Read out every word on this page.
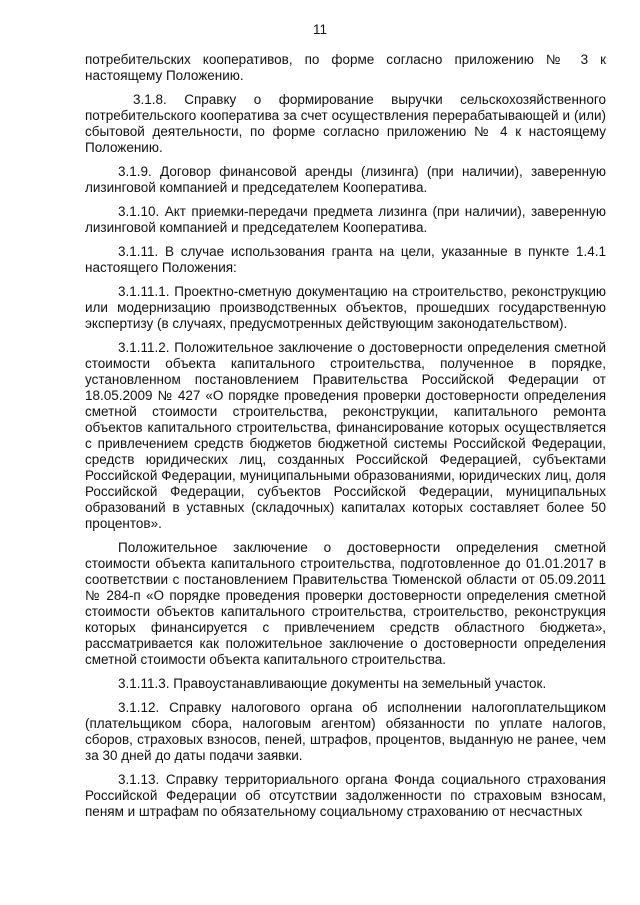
11

потребительских кооперативов, по форме согласно приложению № 3 к настоящему Положению.

3.1.8. Справку о формирование выручки сельскохозяйственного потребительского кооператива за счет осуществления перерабатывающей и (или) сбытовой деятельности, по форме согласно приложению № 4 к настоящему Положению.

3.1.9. Договор финансовой аренды (лизинга) (при наличии), заверенную лизинговой компанией и председателем Кооператива.

3.1.10. Акт приемки-передачи предмета лизинга (при наличии), заверенную лизинговой компанией и председателем Кооператива.

3.1.11. В случае использования гранта на цели, указанные в пункте 1.4.1 настоящего Положения:

3.1.11.1. Проектно-сметную документацию на строительство, реконструкцию или модернизацию производственных объектов, прошедших государственную экспертизу (в случаях, предусмотренных действующим законодательством).

3.1.11.2. Положительное заключение о достоверности определения сметной стоимости объекта капитального строительства, полученное в порядке, установленном постановлением Правительства Российской Федерации от 18.05.2009 № 427 «О порядке проведения проверки достоверности определения сметной стоимости строительства, реконструкции, капитального ремонта объектов капитального строительства, финансирование которых осуществляется с привлечением средств бюджетов бюджетной системы Российской Федерации, средств юридических лиц, созданных Российской Федерацией, субъектами Российской Федерации, муниципальными образованиями, юридических лиц, доля Российской Федерации, субъектов Российской Федерации, муниципальных образований в уставных (складочных) капиталах которых составляет более 50 процентов».

Положительное заключение о достоверности определения сметной стоимости объекта капитального строительства, подготовленное до 01.01.2017 в соответствии с постановлением Правительства Тюменской области от 05.09.2011 № 284-п «О порядке проведения проверки достоверности определения сметной стоимости объектов капитального строительства, строительство, реконструкция которых финансируется с привлечением средств областного бюджета», рассматривается как положительное заключение о достоверности определения сметной стоимости объекта капитального строительства.

3.1.11.3. Правоустанавливающие документы на земельный участок.

3.1.12. Справку налогового органа об исполнении налогоплательщиком (плательщиком сбора, налоговым агентом) обязанности по уплате налогов, сборов, страховых взносов, пеней, штрафов, процентов, выданную не ранее, чем за 30 дней до даты подачи заявки.

3.1.13. Справку территориального органа Фонда социального страхования Российской Федерации об отсутствии задолженности по страховым взносам, пеням и штрафам по обязательному социальному страхованию от несчастных
